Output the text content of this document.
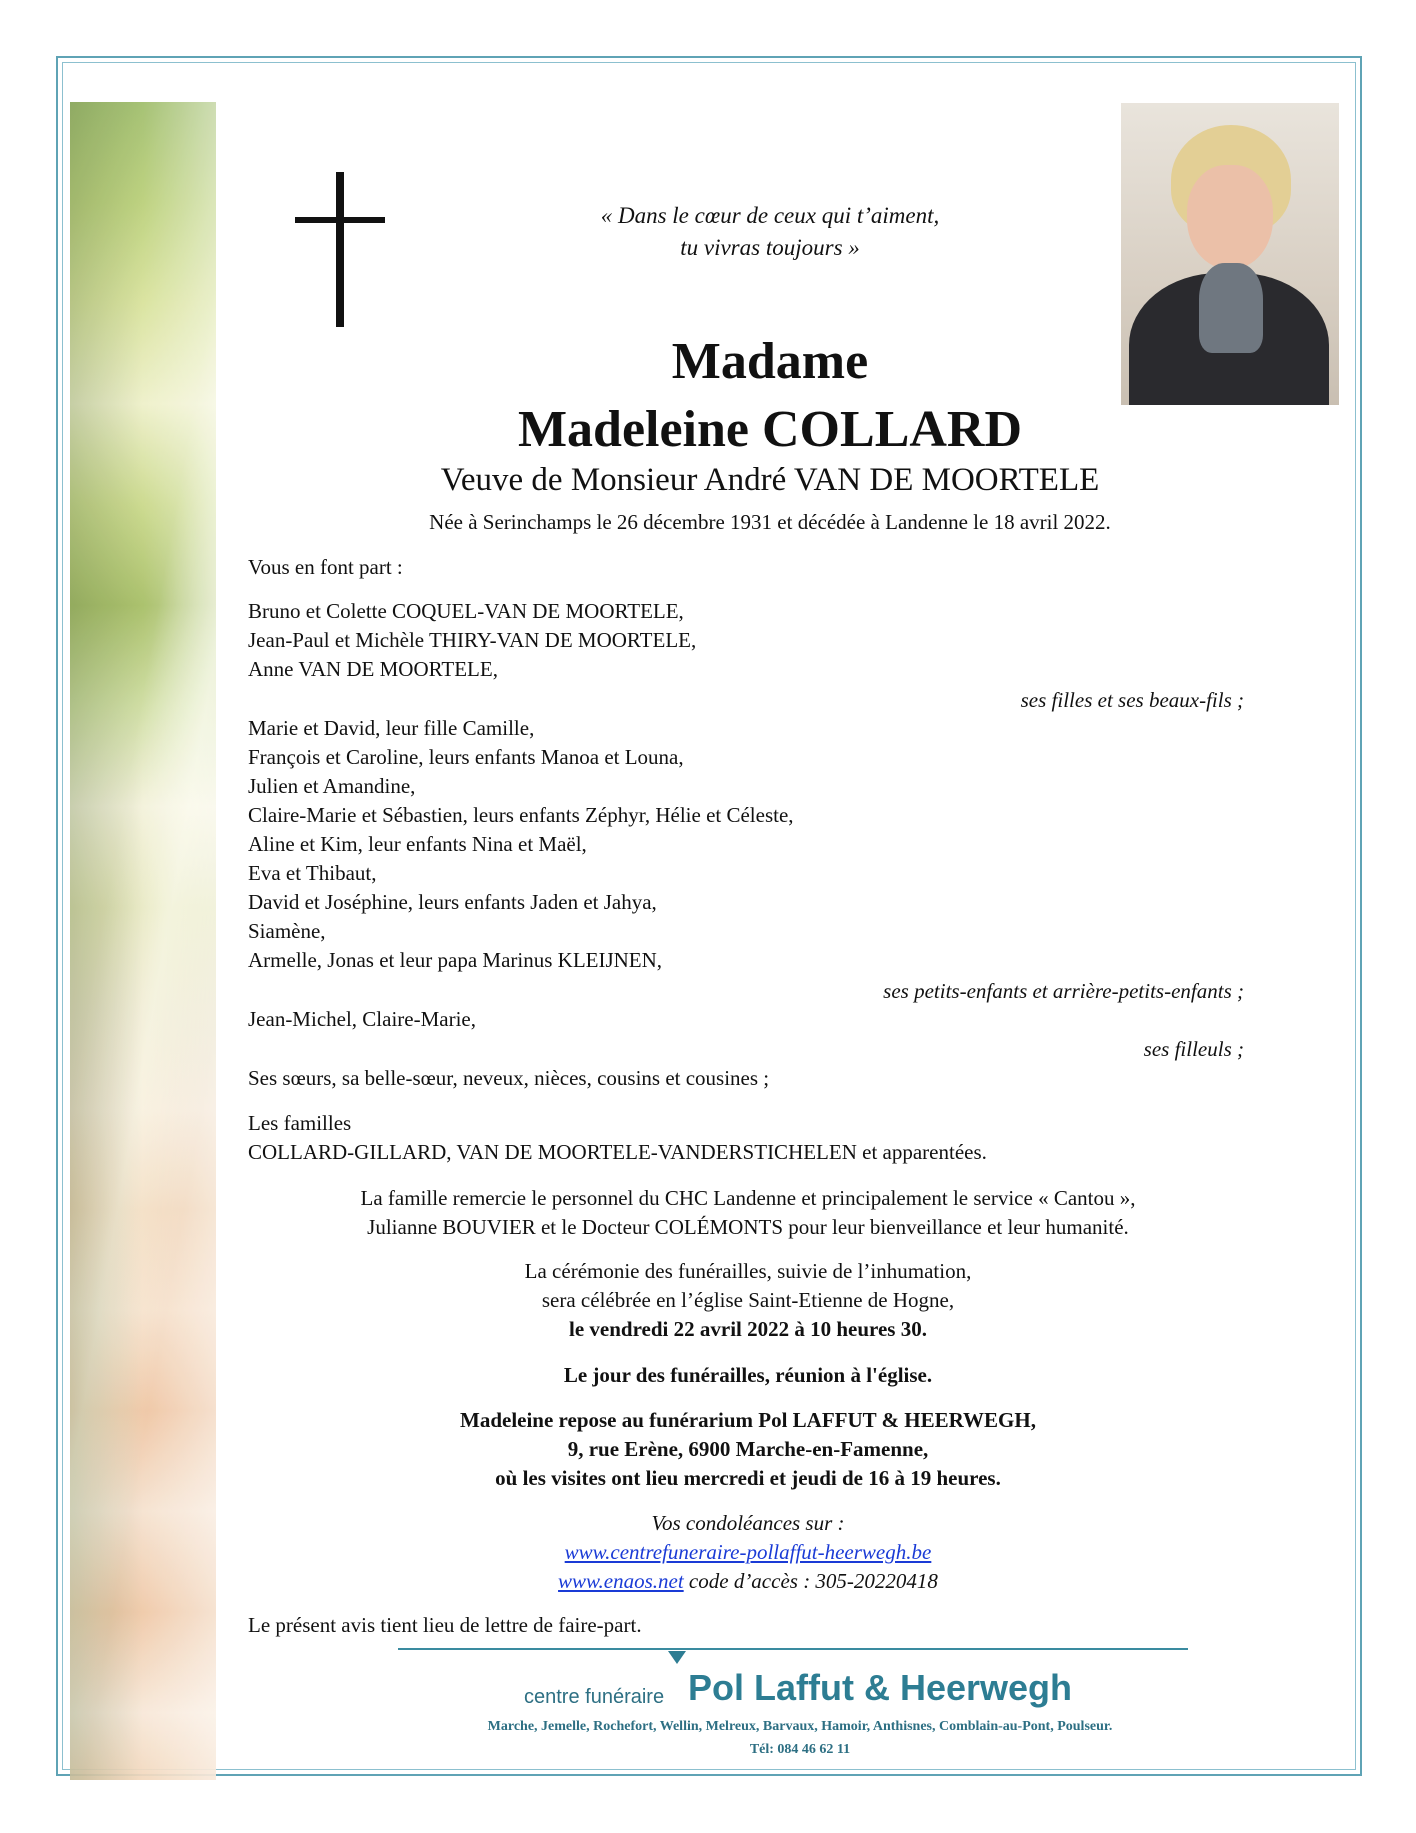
« Dans le cœur de ceux qui t’aiment,

tu vivras toujours »

Madame

Madeleine COLLARD

Veuve de Monsieur André VAN DE MOORTELE

Née à Serinchamps le 26 décembre 1931 et décédée à Landenne le 18 avril 2022.

Vous en font part :

Bruno et Colette COQUEL-VAN DE MOORTELE,

Jean-Paul et Michèle THIRY-VAN DE MOORTELE,

Anne VAN DE MOORTELE,

ses filles et ses beaux-fils ;

Marie et David, leur fille Camille,

François et Caroline, leurs enfants Manoa et Louna,

Julien et Amandine,

Claire-Marie et Sébastien, leurs enfants Zéphyr, Hélie et Céleste,

Aline et Kim, leur enfants Nina et Maël,

Eva et Thibaut,

David et Joséphine, leurs enfants Jaden et Jahya,

Siamène,

Armelle, Jonas et leur papa Marinus KLEIJNEN,

ses petits-enfants et arrière-petits-enfants ;

Jean-Michel, Claire-Marie,

ses filleuls ;

Ses sœurs, sa belle-sœur, neveux, nièces, cousins et cousines ;

Les familles

COLLARD-GILLARD, VAN DE MOORTELE-VANDERSTICHELEN et apparentées.

La famille remercie le personnel du CHC Landenne et principalement le service « Cantou »,

Julianne BOUVIER et le Docteur COLÉMONTS pour leur bienveillance et leur humanité.

La cérémonie des funérailles, suivie de l’inhumation,

sera célébrée en l’église Saint-Etienne de Hogne,

le vendredi 22 avril 2022 à 10 heures 30.

Le jour des funérailles, réunion à l'église.

Madeleine repose au funérarium Pol LAFFUT & HEERWEGH,

9, rue Erène, 6900 Marche-en-Famenne,

où les visites ont lieu mercredi et jeudi de 16 à 19 heures.

Vos condoléances sur :

www.centrefuneraire-pollaffut-heerwegh.be

www.enaos.net code d’accès : 305-20220418

Le présent avis tient lieu de lettre de faire-part.

centre funéraire Pol Laffut & Heerwegh

Marche, Jemelle, Rochefort, Wellin, Melreux, Barvaux, Hamoir, Anthisnes, Comblain-au-Pont, Poulseur.

Tél: 084 46 62 11
